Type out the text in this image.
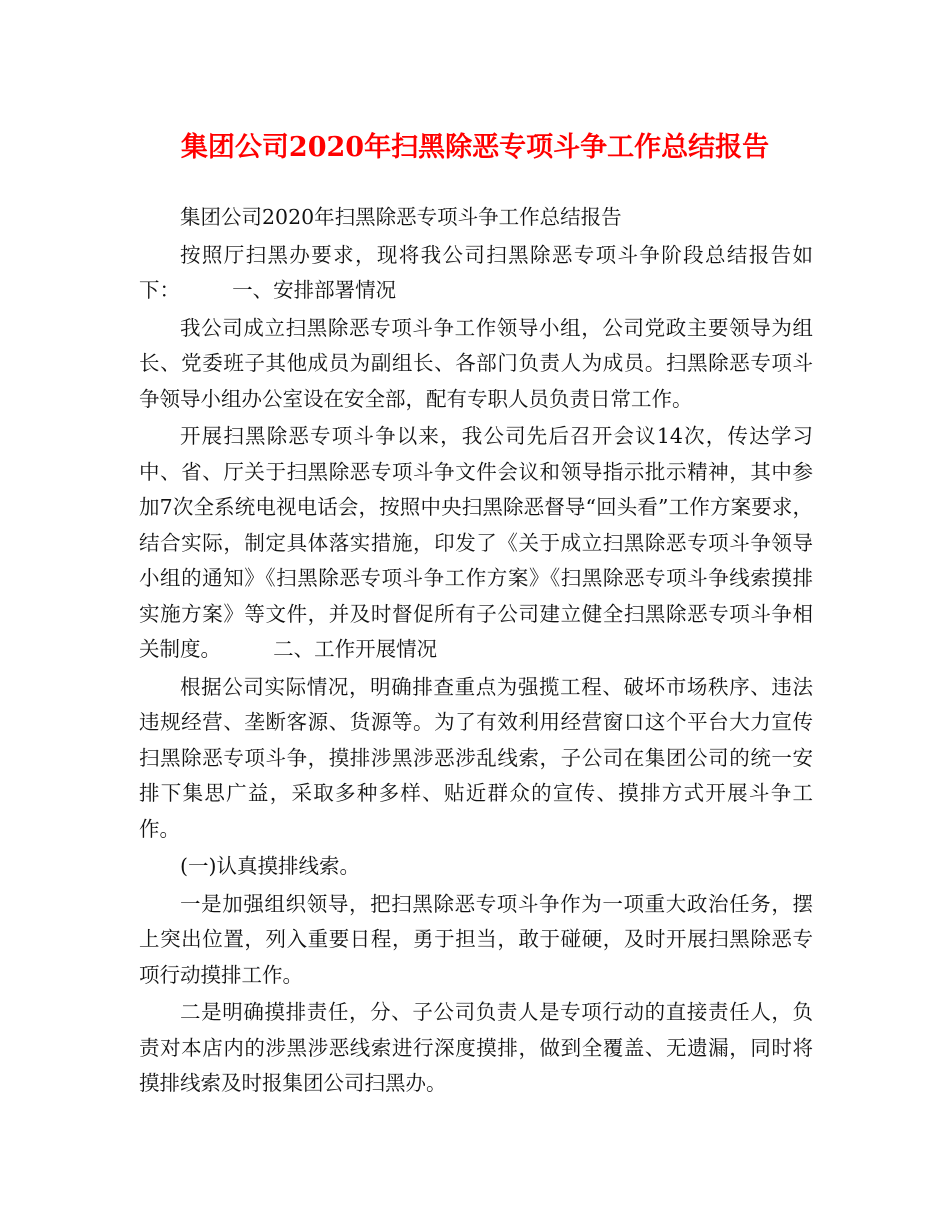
集团公司2020年扫黑除恶专项斗争工作总结报告

集团公司2020年扫黑除恶专项斗争工作总结报告

按照厅扫黑办要求，现将我公司扫黑除恶专项斗争阶段总结报告如下：	一、安排部署情况

我公司成立扫黑除恶专项斗争工作领导小组，公司党政主要领导为组长、党委班子其他成员为副组长、各部门负责人为成员。扫黑除恶专项斗争领导小组办公室设在安全部，配有专职人员负责日常工作。

开展扫黑除恶专项斗争以来，我公司先后召开会议14次，传达学习中、省、厅关于扫黑除恶专项斗争文件会议和领导指示批示精神，其中参加7次全系统电视电话会，按照中央扫黑除恶督导“回头看”工作方案要求，结合实际，制定具体落实措施，印发了《关于成立扫黑除恶专项斗争领导小组的通知》《扫黑除恶专项斗争工作方案》《扫黑除恶专项斗争线索摸排实施方案》等文件，并及时督促所有子公司建立健全扫黑除恶专项斗争相关制度。	二、工作开展情况

根据公司实际情况，明确排查重点为强揽工程、破坏市场秩序、违法违规经营、垄断客源、货源等。为了有效利用经营窗口这个平台大力宣传扫黑除恶专项斗争，摸排涉黑涉恶涉乱线索，子公司在集团公司的统一安排下集思广益，采取多种多样、贴近群众的宣传、摸排方式开展斗争工作。

(一)认真摸排线索。

一是加强组织领导，把扫黑除恶专项斗争作为一项重大政治任务，摆上突出位置，列入重要日程，勇于担当，敢于碰硬，及时开展扫黑除恶专项行动摸排工作。

二是明确摸排责任，分、子公司负责人是专项行动的直接责任人，负责对本店内的涉黑涉恶线索进行深度摸排，做到全覆盖、无遗漏，同时将摸排线索及时报集团公司扫黑办。
